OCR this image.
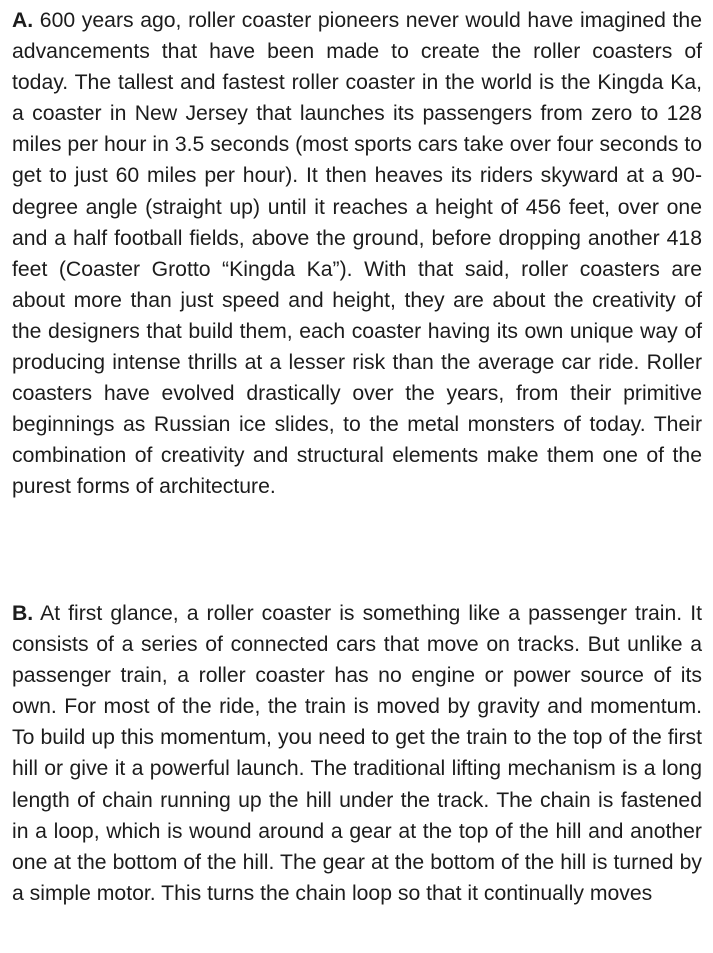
A. 600 years ago, roller coaster pioneers never would have imagined the advancements that have been made to create the roller coasters of today. The tallest and fastest roller coaster in the world is the Kingda Ka, a coaster in New Jersey that launches its passengers from zero to 128 miles per hour in 3.5 seconds (most sports cars take over four seconds to get to just 60 miles per hour). It then heaves its riders skyward at a 90-degree angle (straight up) until it reaches a height of 456 feet, over one and a half football fields, above the ground, before dropping another 418 feet (Coaster Grotto “Kingda Ka”). With that said, roller coasters are about more than just speed and height, they are about the creativity of the designers that build them, each coaster having its own unique way of producing intense thrills at a lesser risk than the average car ride. Roller coasters have evolved drastically over the years, from their primitive beginnings as Russian ice slides, to the metal monsters of today. Their combination of creativity and structural elements make them one of the purest forms of architecture.

B. At first glance, a roller coaster is something like a passenger train. It consists of a series of connected cars that move on tracks. But unlike a passenger train, a roller coaster has no engine or power source of its own. For most of the ride, the train is moved by gravity and momentum. To build up this momentum, you need to get the train to the top of the first hill or give it a powerful launch. The traditional lifting mechanism is a long length of chain running up the hill under the track. The chain is fastened in a loop, which is wound around a gear at the top of the hill and another one at the bottom of the hill. The gear at the bottom of the hill is turned by a simple motor. This turns the chain loop so that it continually moves
